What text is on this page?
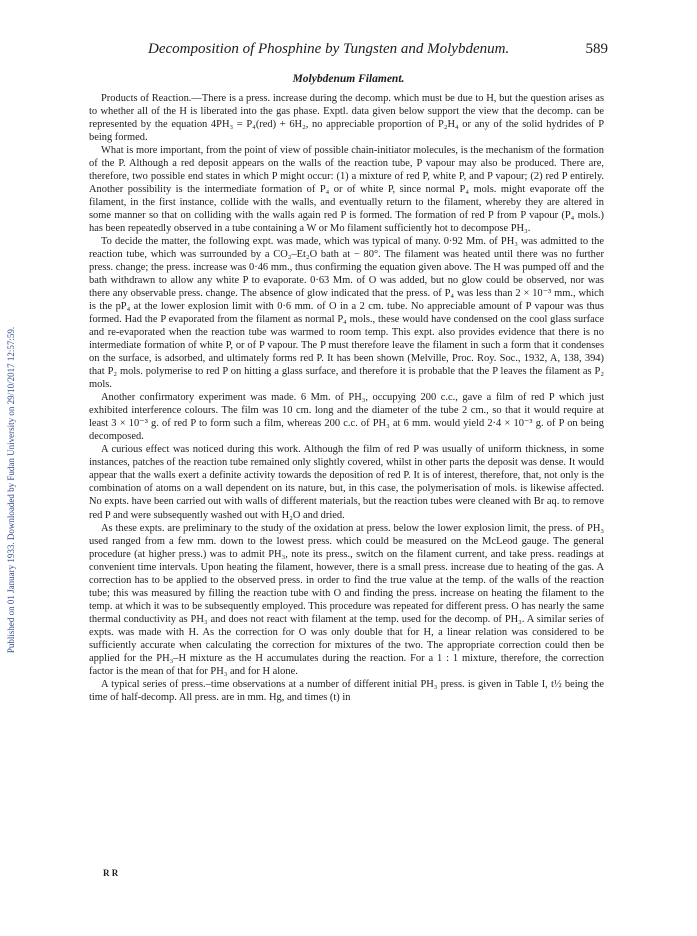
Decomposition of Phosphine by Tungsten and Molybdenum.	589
Molybdenum Filament.
Published on 01 January 1933. Downloaded by Fudan University on 29/10/2017 12:57:59.

Products of Reaction.—There is a press. increase during the decomp. which must be due to H, but the question arises as to whether all of the H is liberated into the gas phase. Exptl. data given below support the view that the decomp. can be represented by the equation 4PH₃ = P₄(red) + 6H₂, no appreciable proportion of P₂H₄ or any of the solid hydrides of P being formed.

What is more important, from the point of view of possible chain-initiator molecules, is the mechanism of the formation of the P. Although a red deposit appears on the walls of the reaction tube, P vapour may also be produced. There are, therefore, two possible end states in which P might occur: (1) a mixture of red P, white P, and P vapour; (2) red P entirely. Another possibility is the intermediate formation of P₄ or of white P, since normal P₄ mols. might evaporate off the filament, in the first instance, collide with the walls, and eventually return to the filament, whereby they are altered in some manner so that on colliding with the walls again red P is formed. The formation of red P from P vapour (P₄ mols.) has been repeatedly observed in a tube containing a W or Mo filament sufficiently hot to decompose PH₃.

To decide the matter, the following expt. was made, which was typical of many. 0·92 Mm. of PH₃ was admitted to the reaction tube, which was surrounded by a CO₂–Et₂O bath at − 80°. The filament was heated until there was no further press. change; the press. increase was 0·46 mm., thus confirming the equation given above. The H was pumped off and the bath withdrawn to allow any white P to evaporate. 0·63 Mm. of O was added, but no glow could be observed, nor was there any observable press. change. The absence of glow indicated that the press. of P₄ was less than 2 × 10⁻³ mm., which is the pP₄ at the lower explosion limit with 0·6 mm. of O in a 2 cm. tube. No appreciable amount of P vapour was thus formed. Had the P evaporated from the filament as normal P₄ mols., these would have condensed on the cool glass surface and re-evaporated when the reaction tube was warmed to room temp. This expt. also provides evidence that there is no intermediate formation of white P, or of P vapour. The P must therefore leave the filament in such a form that it condenses on the surface, is adsorbed, and ultimately forms red P. It has been shown (Melville, Proc. Roy. Soc., 1932, A, 138, 394) that P₂ mols. polymerise to red P on hitting a glass surface, and therefore it is probable that the P leaves the filament as P₂ mols.

Another confirmatory experiment was made. 6 Mm. of PH₃, occupying 200 c.c., gave a film of red P which just exhibited interference colours. The film was 10 cm. long and the diameter of the tube 2 cm., so that it would require at least 3 × 10⁻³ g. of red P to form such a film, whereas 200 c.c. of PH₃ at 6 mm. would yield 2·4 × 10⁻³ g. of P on being decomposed.

A curious effect was noticed during this work. Although the film of red P was usually of uniform thickness, in some instances, patches of the reaction tube remained only slightly covered, whilst in other parts the deposit was dense. It would appear that the walls exert a definite activity towards the deposition of red P. It is of interest, therefore, that, not only is the combination of atoms on a wall dependent on its nature, but, in this case, the polymerisation of mols. is likewise affected. No expts. have been carried out with walls of different materials, but the reaction tubes were cleaned with Br aq. to remove red P and were subsequently washed out with H₂O and dried.

As these expts. are preliminary to the study of the oxidation at press. below the lower explosion limit, the press. of PH₃ used ranged from a few mm. down to the lowest press. which could be measured on the McLeod gauge. The general procedure (at higher press.) was to admit PH₃, note its press., switch on the filament current, and take press. readings at convenient time intervals. Upon heating the filament, however, there is a small press. increase due to heating of the gas. A correction has to be applied to the observed press. in order to find the true value at the temp. of the walls of the reaction tube; this was measured by filling the reaction tube with O and finding the press. increase on heating the filament to the temp. at which it was to be subsequently employed. This procedure was repeated for different press. O has nearly the same thermal conductivity as PH₃ and does not react with filament at the temp. used for the decomp. of PH₃. A similar series of expts. was made with H. As the correction for O was only double that for H, a linear relation was considered to be sufficiently accurate when calculating the correction for mixtures of the two. The appropriate correction could then be applied for the PH₃–H mixture as the H accumulates during the reaction. For a 1 : 1 mixture, therefore, the correction factor is the mean of that for PH₃ and for H alone.

A typical series of press.–time observations at a number of different initial PH₃ press. is given in Table I, t½ being the time of half-decomp. All press. are in mm. Hg, and times (t) in

R R
